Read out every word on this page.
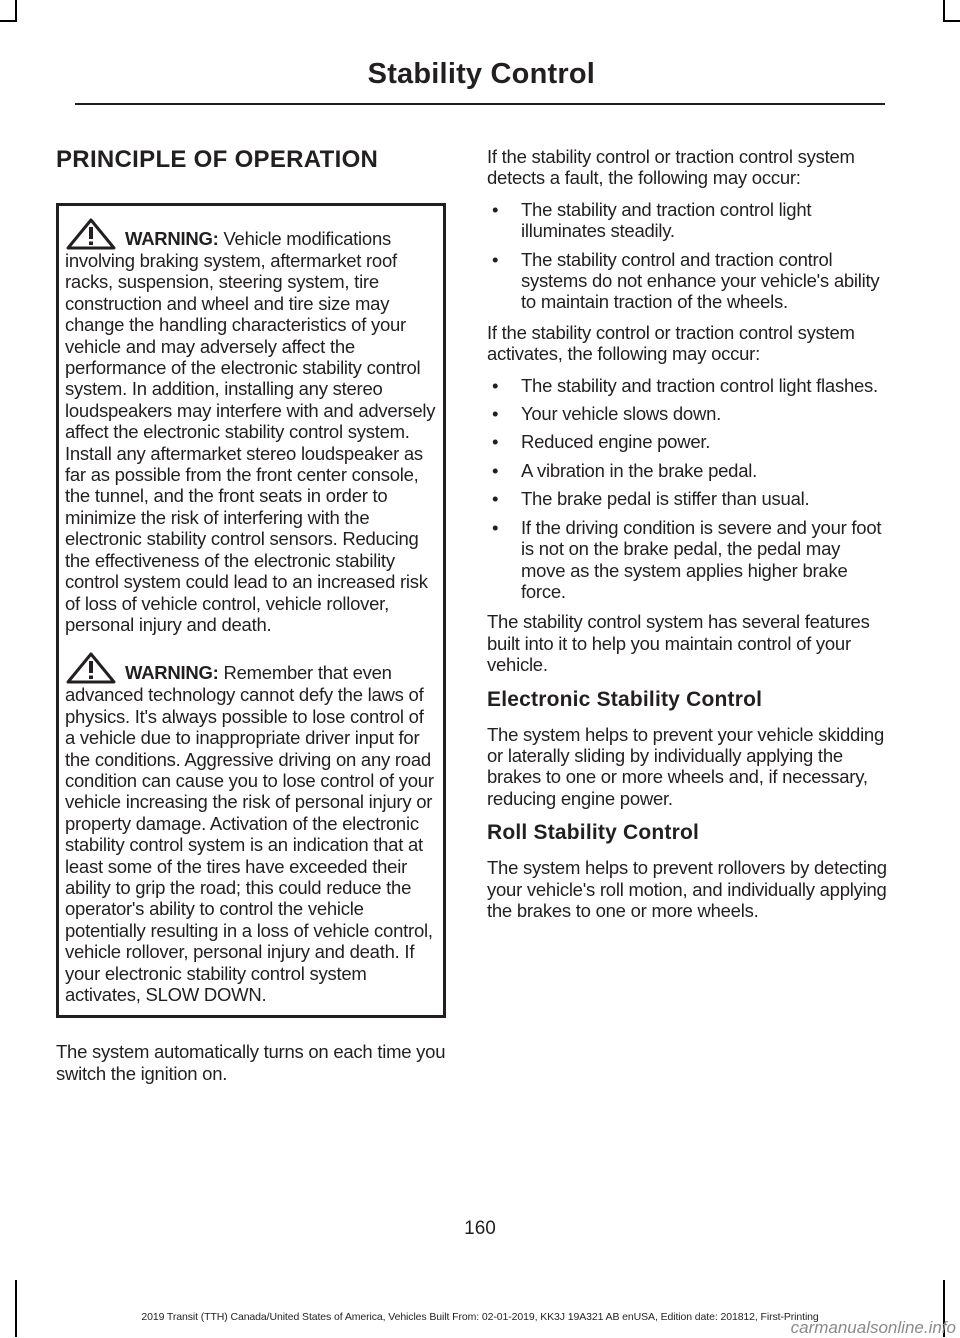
Stability Control
PRINCIPLE OF OPERATION
WARNING: Vehicle modifications involving braking system, aftermarket roof racks, suspension, steering system, tire construction and wheel and tire size may change the handling characteristics of your vehicle and may adversely affect the performance of the electronic stability control system. In addition, installing any stereo loudspeakers may interfere with and adversely affect the electronic stability control system. Install any aftermarket stereo loudspeaker as far as possible from the front center console, the tunnel, and the front seats in order to minimize the risk of interfering with the electronic stability control sensors. Reducing the effectiveness of the electronic stability control system could lead to an increased risk of loss of vehicle control, vehicle rollover, personal injury and death.
WARNING: Remember that even advanced technology cannot defy the laws of physics. It's always possible to lose control of a vehicle due to inappropriate driver input for the conditions. Aggressive driving on any road condition can cause you to lose control of your vehicle increasing the risk of personal injury or property damage. Activation of the electronic stability control system is an indication that at least some of the tires have exceeded their ability to grip the road; this could reduce the operator's ability to control the vehicle potentially resulting in a loss of vehicle control, vehicle rollover, personal injury and death. If your electronic stability control system activates, SLOW DOWN.

The system automatically turns on each time you switch the ignition on.

If the stability control or traction control system detects a fault, the following may occur:

• The stability and traction control light illuminates steadily.
• The stability control and traction control systems do not enhance your vehicle's ability to maintain traction of the wheels.

If the stability control or traction control system activates, the following may occur:

• The stability and traction control light flashes.
• Your vehicle slows down.
• Reduced engine power.
• A vibration in the brake pedal.
• The brake pedal is stiffer than usual.
• If the driving condition is severe and your foot is not on the brake pedal, the pedal may move as the system applies higher brake force.

The stability control system has several features built into it to help you maintain control of your vehicle.

Electronic Stability Control

The system helps to prevent your vehicle skidding or laterally sliding by individually applying the brakes to one or more wheels and, if necessary, reducing engine power.

Roll Stability Control

The system helps to prevent rollovers by detecting your vehicle's roll motion, and individually applying the brakes to one or more wheels.

160
2019 Transit (TTH) Canada/United States of America, Vehicles Built From: 02-01-2019, KK3J 19A321 AB enUSA, Edition date: 201812, First-Printing
carmanualsonline.info
